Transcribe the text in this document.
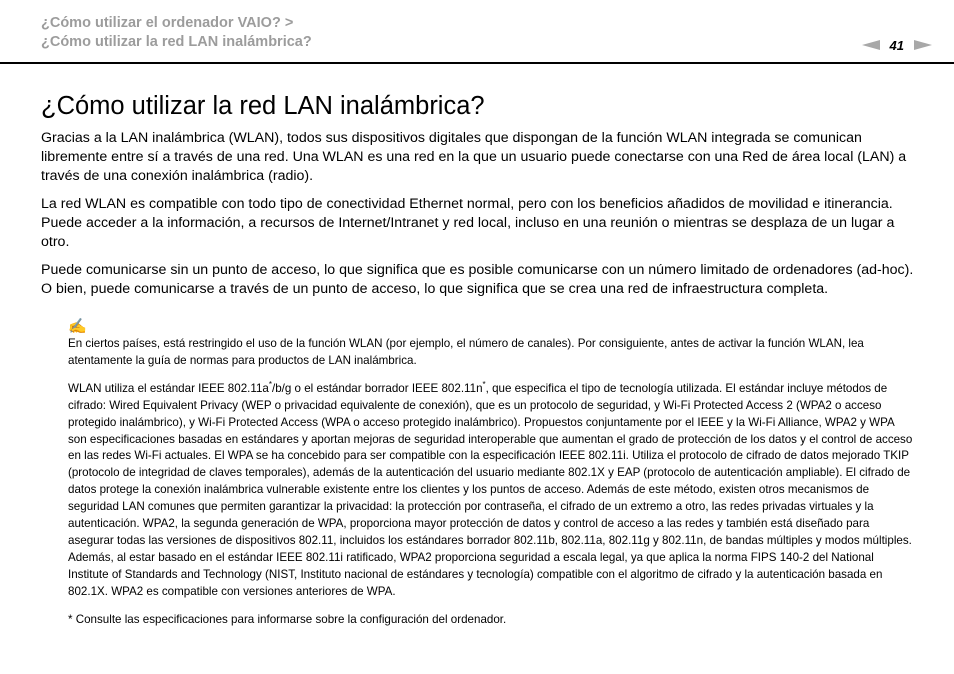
¿Cómo utilizar el ordenador VAIO? >
¿Cómo utilizar la red LAN inalámbrica?	41
¿Cómo utilizar la red LAN inalámbrica?

Gracias a la LAN inalámbrica (WLAN), todos sus dispositivos digitales que dispongan de la función WLAN integrada se comunican libremente entre sí a través de una red. Una WLAN es una red en la que un usuario puede conectarse con una Red de área local (LAN) a través de una conexión inalámbrica (radio).

La red WLAN es compatible con todo tipo de conectividad Ethernet normal, pero con los beneficios añadidos de movilidad e itinerancia. Puede acceder a la información, a recursos de Internet/Intranet y red local, incluso en una reunión o mientras se desplaza de un lugar a otro.

Puede comunicarse sin un punto de acceso, lo que significa que es posible comunicarse con un número limitado de ordenadores (ad-hoc). O bien, puede comunicarse a través de un punto de acceso, lo que significa que se crea una red de infraestructura completa.

✍

En ciertos países, está restringido el uso de la función WLAN (por ejemplo, el número de canales). Por consiguiente, antes de activar la función WLAN, lea atentamente la guía de normas para productos de LAN inalámbrica.

WLAN utiliza el estándar IEEE 802.11a*/b/g o el estándar borrador IEEE 802.11n*, que especifica el tipo de tecnología utilizada. El estándar incluye métodos de cifrado: Wired Equivalent Privacy (WEP o privacidad equivalente de conexión), que es un protocolo de seguridad, y Wi-Fi Protected Access 2 (WPA2 o acceso protegido inalámbrico), y Wi-Fi Protected Access (WPA o acceso protegido inalámbrico). Propuestos conjuntamente por el IEEE y la Wi-Fi Alliance, WPA2 y WPA son especificaciones basadas en estándares y aportan mejoras de seguridad interoperable que aumentan el grado de protección de los datos y el control de acceso en las redes Wi-Fi actuales. El WPA se ha concebido para ser compatible con la especificación IEEE 802.11i. Utiliza el protocolo de cifrado de datos mejorado TKIP (protocolo de integridad de claves temporales), además de la autenticación del usuario mediante 802.1X y EAP (protocolo de autenticación ampliable). El cifrado de datos protege la conexión inalámbrica vulnerable existente entre los clientes y los puntos de acceso. Además de este método, existen otros mecanismos de seguridad LAN comunes que permiten garantizar la privacidad: la protección por contraseña, el cifrado de un extremo a otro, las redes privadas virtuales y la autenticación. WPA2, la segunda generación de WPA, proporciona mayor protección de datos y control de acceso a las redes y también está diseñado para asegurar todas las versiones de dispositivos 802.11, incluidos los estándares borrador 802.11b, 802.11a, 802.11g y 802.11n, de bandas múltiples y modos múltiples. Además, al estar basado en el estándar IEEE 802.11i ratificado, WPA2 proporciona seguridad a escala legal, ya que aplica la norma FIPS 140-2 del National Institute of Standards and Technology (NIST, Instituto nacional de estándares y tecnología) compatible con el algoritmo de cifrado y la autenticación basada en 802.1X. WPA2 es compatible con versiones anteriores de WPA.

* Consulte las especificaciones para informarse sobre la configuración del ordenador.
